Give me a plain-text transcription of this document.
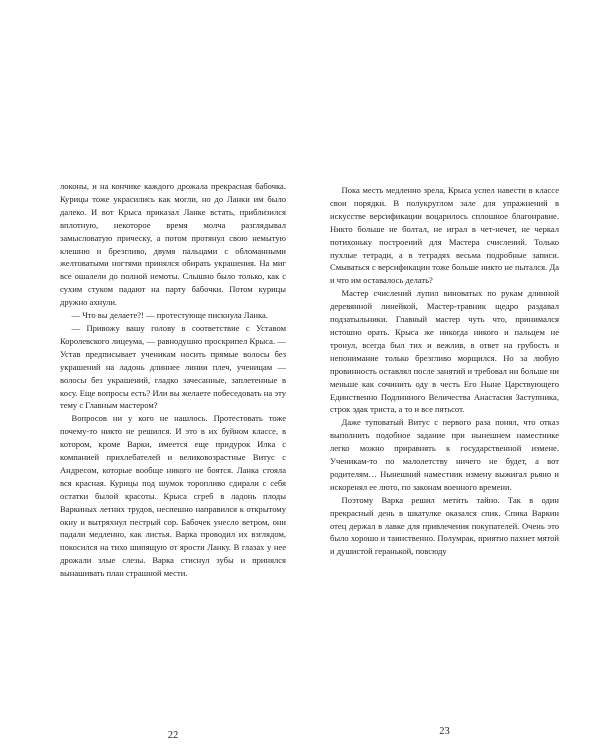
локоны, и на кончике каждого дрожала прекрасная бабочка. Курицы тоже украсились как могли, но до Ланки им было далеко. И вот Крыса приказал Ланке встать, приблизился вплотную, некоторое время молча разглядывал замысловатую прическу, а потом протянул свою немытую клешню и брезгливо, двумя пальцами с обломанными желтоватыми ногтями принялся обирать украшения. На миг все ошалели до полной немоты. Слышно было только, как с сухим стуком падают на парту бабочки. Потом курицы дружно ахнули.

— Что вы делаете?! — протестующе пискнула Ланка.

— Привожу вашу голову в соответствие с Уставом Королевского лицеума, — равнодушно проскрипел Крыса. — Устав предписывает ученикам носить прямые волосы без украшений на ладонь длиннее линии плеч, ученицам — волосы без украшений, гладко зачесанные, заплетенные в косу. Еще вопросы есть? Или вы желаете побеседовать на эту тему с Главным мастером?

Вопросов ни у кого не нашлось. Протестовать тоже почему-то никто не решился. И это в их буйном классе, в котором, кроме Варки, имеется еще придурок Илка с компанией прихлебателей и великовозрастные Витус с Андресом, которые вообще никого не боятся. Ланка стояла вся красная. Курицы под шумок торопливо сдирали с себя остатки былой красоты. Крыса сгреб в ладонь плоды Варкиных летних трудов, неспешно направился к открытому окну и вытряхнул пестрый сор. Бабочек унесло ветром, они падали медленно, как листья. Варка проводил их взглядом, покосился на тихо шипящую от ярости Ланку. В глазах у нее дрожали злые слезы. Варка стиснул зубы и принялся вынашивать план страшной мести.

22

Пока месть медленно зрела, Крыса успел навести в классе свои порядки. В полукруглом зале для упражнений в искусстве версификации воцарилось сплошное благонравие. Никто больше не болтал, не играл в чет-нечет, не черкал потихоньку построений для Мастера счислений. Только пухлые тетради, а в тетрадях весьма подробные записи. Смываться с версификации тоже больше никто не пытался. Да и что им оставалось делать?

Мастер счислений лупил виноватых по рукам длинной деревянной линейкой, Мастер-травник щедро раздавал подзатыльники. Главный мастер чуть что, принимался истошно орать. Крыса же никогда никого и пальцем не тронул, всегда был тих и вежлив, в ответ на грубость и непонимание только брезгливо морщился. Но за любую провинность оставлял после занятий и требовал ни больше ни меньше как сочинить оду в честь Его Ныне Царствующего Единственно Подлинного Величества Анастасия Заступника, строк эдак триста, а то и все пятьсот.

Даже туповатый Витус с первого раза понял, что отказ выполнить подобное задание при нынешнем наместнике легко можно приравнять к государственной измене. Ученикам-то по малолетству ничего не будет, а вот родителям… Нынешний наместник измену выжигал рьяно и искоренял ее люто, по законам военного времени.

Поэтому Варка решил метить тайно. Так в один прекрасный день в шкатулке оказался спик. Спика Варкин отец держал в лавке для привлечения покупателей. Очень это было хорошо и таинственно. Полумрак, приятно пахнет мятой и душистой геранькой, повсюду

23
